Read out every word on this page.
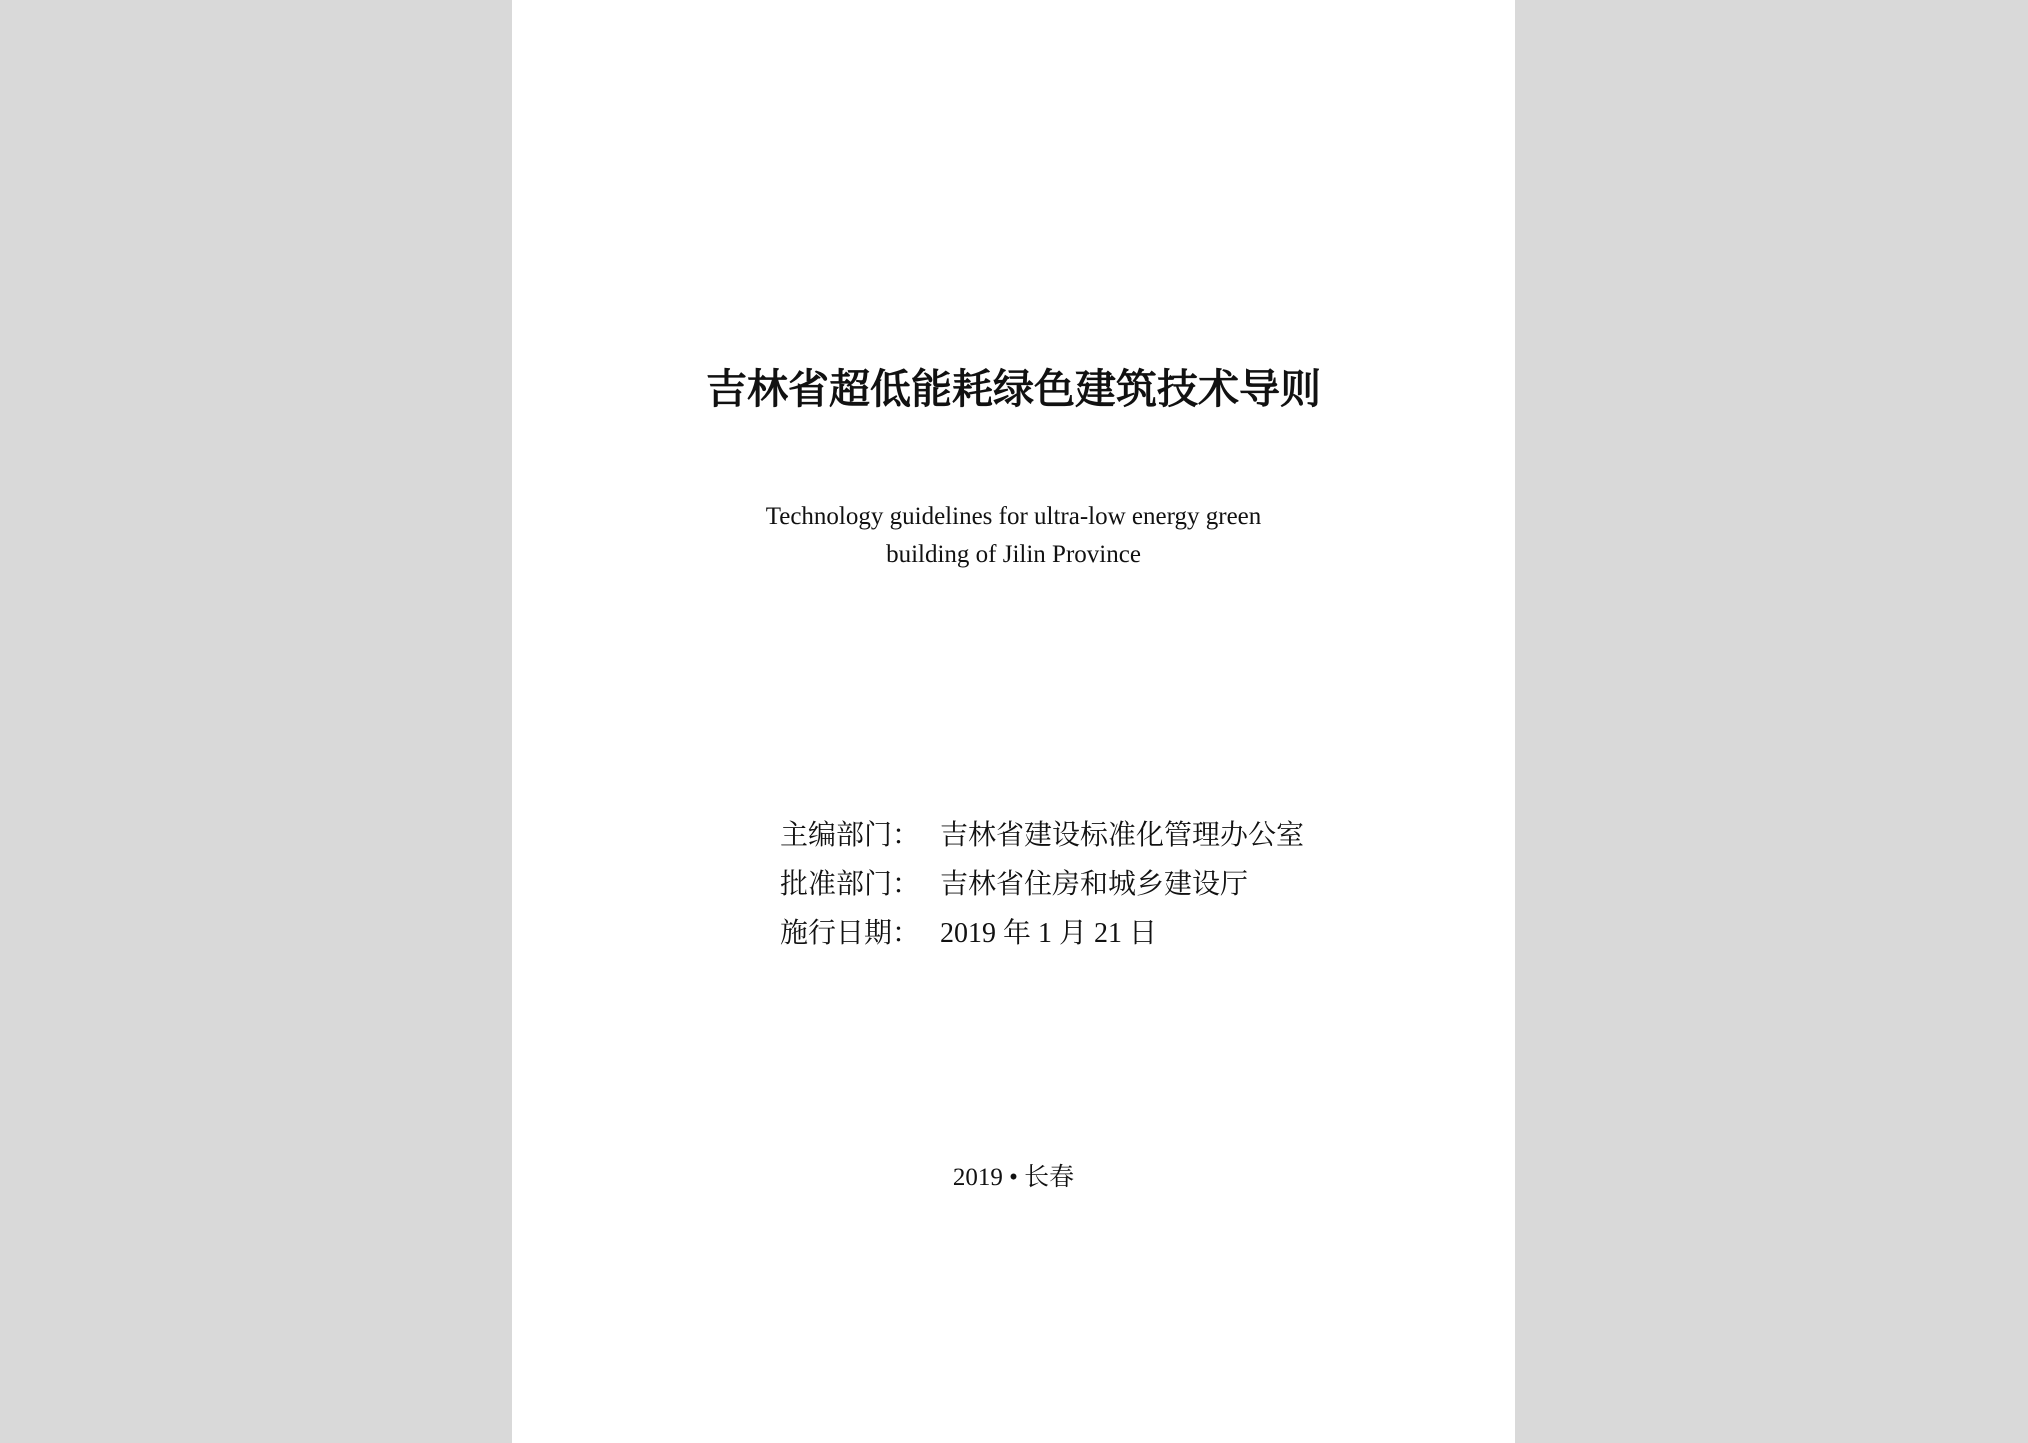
吉林省超低能耗绿色建筑技术导则
Technology guidelines for ultra-low energy green
building of Jilin Province
主编部门： 吉林省建设标准化管理办公室
批准部门： 吉林省住房和城乡建设厅
施行日期： 2019 年 1 月 21 日
2019 • 长春
